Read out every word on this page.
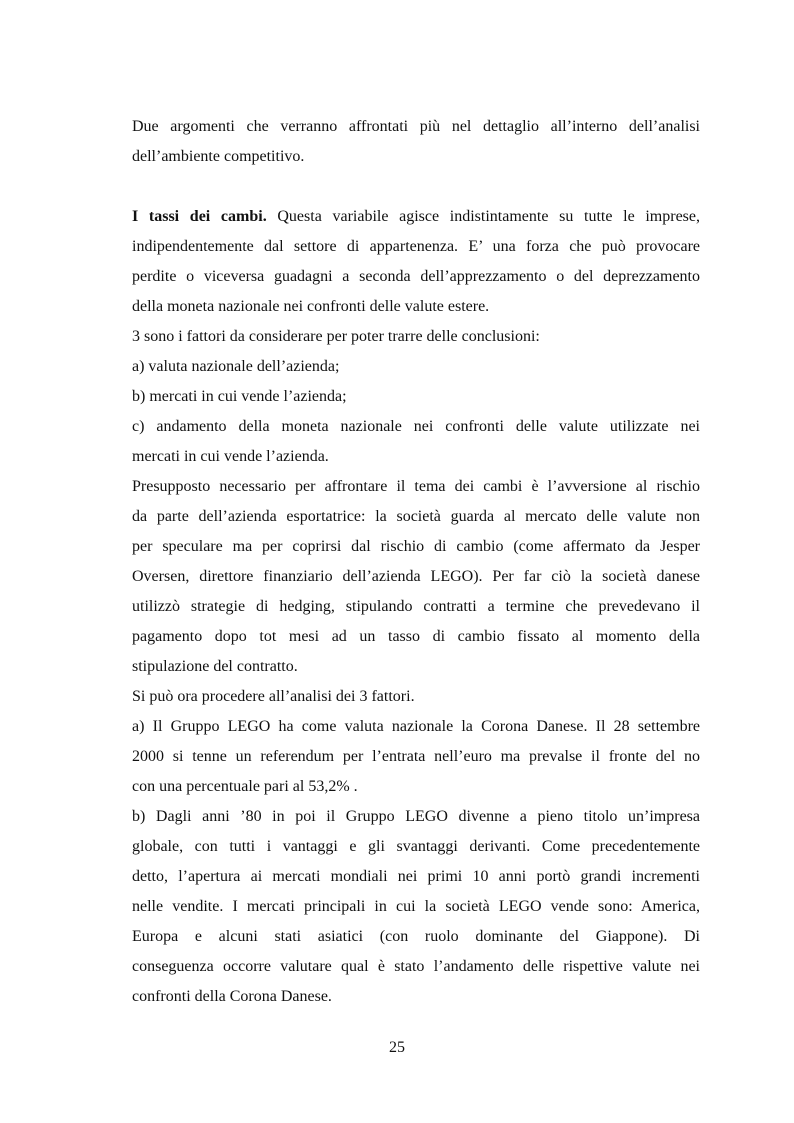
Due argomenti che verranno affrontati più nel dettaglio all’interno dell’analisi
dell’ambiente competitivo.
I tassi dei cambi. Questa variabile agisce indistintamente su tutte le imprese,
indipendentemente dal settore di appartenenza. E’ una forza che può provocare
perdite o viceversa guadagni a seconda dell’apprezzamento o del deprezzamento
della moneta nazionale nei confronti delle valute estere.
3 sono i fattori da considerare per poter trarre delle conclusioni:
a) valuta nazionale dell’azienda;
b) mercati in cui vende l’azienda;
c) andamento della moneta nazionale nei confronti delle valute utilizzate nei
mercati in cui vende l’azienda.
Presupposto necessario per affrontare il tema dei cambi è l’avversione al rischio
da parte dell’azienda esportatrice: la società guarda al mercato delle valute non
per speculare ma per coprirsi dal rischio di cambio (come affermato da Jesper
Oversen, direttore finanziario dell’azienda LEGO). Per far ciò la società danese
utilizzò strategie di hedging, stipulando contratti a termine che prevedevano il
pagamento dopo tot mesi ad un tasso di cambio fissato al momento della
stipulazione del contratto.
Si può ora procedere all’analisi dei 3 fattori.
a) Il Gruppo LEGO ha come valuta nazionale la Corona Danese. Il 28 settembre
2000 si tenne un referendum per l’entrata nell’euro ma prevalse il fronte del no
con una percentuale pari al 53,2% .
b) Dagli anni ’80 in poi il Gruppo LEGO divenne a pieno titolo un’impresa
globale, con tutti i vantaggi e gli svantaggi derivanti. Come precedentemente
detto, l’apertura ai mercati mondiali nei primi 10 anni portò grandi incrementi
nelle vendite. I mercati principali in cui la società LEGO vende sono: America,
Europa e alcuni stati asiatici (con ruolo dominante del Giappone). Di
conseguenza occorre valutare qual è stato l’andamento delle rispettive valute nei
confronti della Corona Danese.
25
